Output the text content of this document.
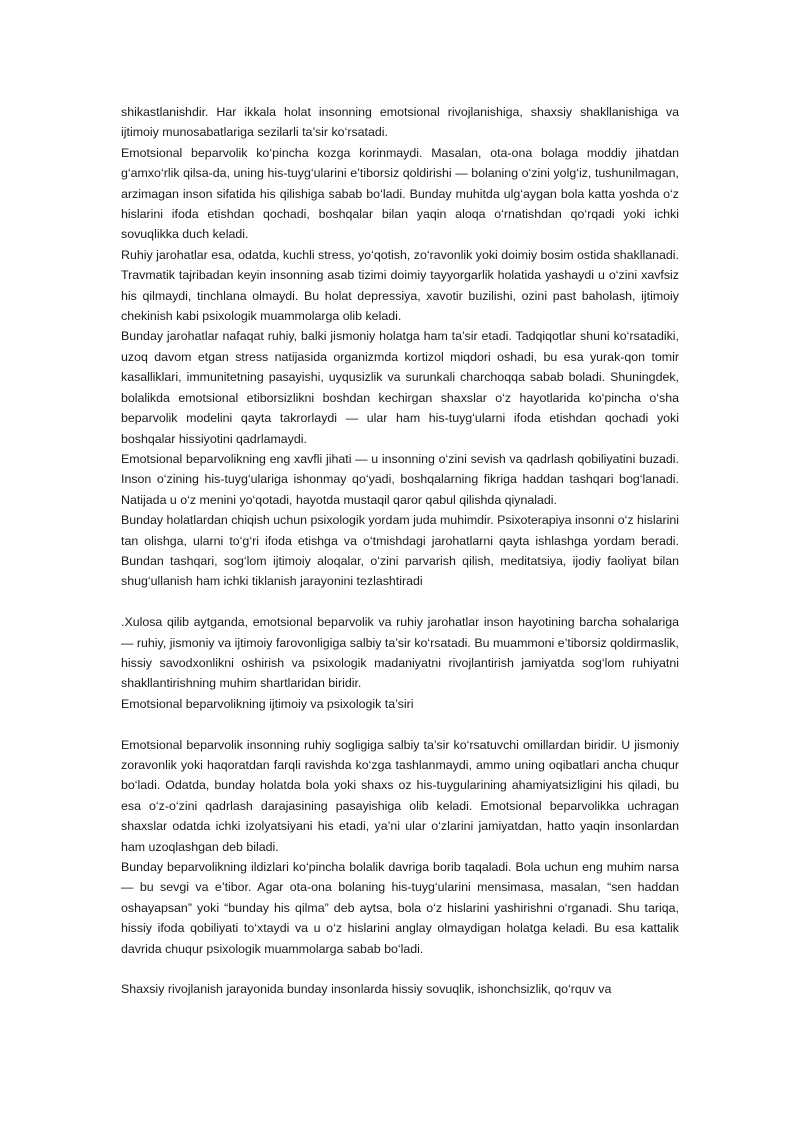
shikastlanishdir. Har ikkala holat insonning emotsional rivojlanishiga, shaxsiy shakllanishiga va ijtimoiy munosabatlariga sezilarli ta’sir ko‘rsatadi.

Emotsional beparvolik ko‘pincha kozga korinmaydi. Masalan, ota-ona bolaga moddiy jihatdan g‘amxo‘rlik qilsa-da, uning his-tuyg‘ularini e’tiborsiz qoldirishi — bolaning o‘zini yolg‘iz, tushunilmagan, arzimagan inson sifatida his qilishiga sabab bo‘ladi. Bunday muhitda ulg‘aygan bola katta yoshda o‘z hislarini ifoda etishdan qochadi, boshqalar bilan yaqin aloqa o‘rnatishdan qo‘rqadi yoki ichki sovuqlikka duch keladi.

Ruhiy jarohatlar esa, odatda, kuchli stress, yo‘qotish, zo‘ravonlik yoki doimiy bosim ostida shakllanadi. Travmatik tajribadan keyin insonning asab tizimi doimiy tayyorgarlik holatida yashaydi u o‘zini xavfsiz his qilmaydi, tinchlana olmaydi. Bu holat depressiya, xavotir buzilishi, ozini past baholash, ijtimoiy chekinish kabi psixologik muammolarga olib keladi.

Bunday jarohatlar nafaqat ruhiy, balki jismoniy holatga ham ta’sir etadi. Tadqiqotlar shuni ko‘rsatadiki, uzoq davom etgan stress natijasida organizmda kortizol miqdori oshadi, bu esa yurak-qon tomir kasalliklari, immunitetning pasayishi, uyqusizlik va surunkali charchoqqa sabab boladi. Shuningdek, bolalikda emotsional etiborsizlikni boshdan kechirgan shaxslar o‘z hayotlarida ko‘pincha o‘sha beparvolik modelini qayta takrorlaydi — ular ham his-tuyg‘ularni ifoda etishdan qochadi yoki boshqalar hissiyotini qadrlamaydi.

Emotsional beparvolikning eng xavfli jihati — u insonning o‘zini sevish va qadrlash qobiliyatini buzadi. Inson o‘zining his-tuyg‘ulariga ishonmay qo‘yadi, boshqalarning fikriga haddan tashqari bog‘lanadi. Natijada u o‘z menini yo‘qotadi, hayotda mustaqil qaror qabul qilishda qiynaladi.

Bunday holatlardan chiqish uchun psixologik yordam juda muhimdir. Psixoterapiya insonni o‘z hislarini tan olishga, ularni to‘g‘ri ifoda etishga va o‘tmishdagi jarohatlarni qayta ishlashga yordam beradi. Bundan tashqari, sog‘lom ijtimoiy aloqalar, o‘zini parvarish qilish, meditatsiya, ijodiy faoliyat bilan shug‘ullanish ham ichki tiklanish jarayonini tezlashtiradi

.Xulosa qilib aytganda, emotsional beparvolik va ruhiy jarohatlar inson hayotining barcha sohalariga — ruhiy, jismoniy va ijtimoiy farovonligiga salbiy ta’sir ko‘rsatadi. Bu muammoni e’tiborsiz qoldirmaslik, hissiy savodxonlikni oshirish va psixologik madaniyatni rivojlantirish jamiyatda sog‘lom ruhiyatni shakllantirishning muhim shartlaridan biridir.

Emotsional beparvolikning ijtimoiy va psixologik ta’siri

Emotsional beparvolik insonning ruhiy sogligiga salbiy ta’sir ko‘rsatuvchi omillardan biridir. U jismoniy zoravonlik yoki haqoratdan farqli ravishda ko‘zga tashlanmaydi, ammo uning oqibatlari ancha chuqur bo‘ladi. Odatda, bunday holatda bola yoki shaxs oz his-tuygularining ahamiyatsizligini his qiladi, bu esa o‘z-o‘zini qadrlash darajasining pasayishiga olib keladi. Emotsional beparvolikka uchragan shaxslar odatda ichki izolyatsiyani his etadi, ya’ni ular o‘zlarini jamiyatdan, hatto yaqin insonlardan ham uzoqlashgan deb biladi.

Bunday beparvolikning ildizlari ko‘pincha bolalik davriga borib taqaladi. Bola uchun eng muhim narsa — bu sevgi va e’tibor. Agar ota-ona bolaning his-tuyg‘ularini mensimasa, masalan, “sen haddan oshayapsan” yoki “bunday his qilma” deb aytsa, bola o‘z hislarini yashirishni o‘rganadi. Shu tariqa, hissiy ifoda qobiliyati to‘xtaydi va u o‘z hislarini anglay olmaydigan holatga keladi. Bu esa kattalik davrida chuqur psixologik muammolarga sabab bo‘ladi.

Shaxsiy rivojlanish jarayonida bunday insonlarda hissiy sovuqlik, ishonchsizlik, qo‘rquv va
